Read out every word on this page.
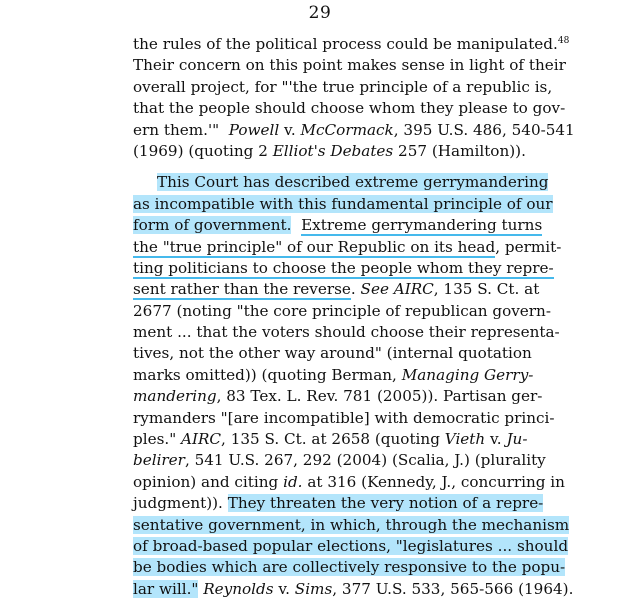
29
the rules of the political process could be manipulated.$^{48}$
Their concern on this point makes sense in light of their
overall project, for "'the true principle of a republic is,
that the people should choose whom they please to gov-
ern them.'" Powell v. McCormack, 395 U.S. 486, 540-541
(1969) (quoting 2 Elliot's Debates 257 (Hamilton)).
This Court has described extreme gerrymandering
as incompatible with this fundamental principle of our
form of government. Extreme gerrymandering turns
the "true principle" of our Republic on its head, permit-
ting politicians to choose the people whom they repre-
sent rather than the reverse. See AIRC, 135 S. Ct. at
2677 (noting "the core principle of republican govern-
ment ... that the voters should choose their representa-
tives, not the other way around" (internal quotation
marks omitted)) (quoting Berman, Managing Gerry-
mandering, 83 Tex. L. Rev. 781 (2005)). Partisan ger-
rymanders "[are incompatible] with democratic princi-
ples." AIRC, 135 S. Ct. at 2658 (quoting Vieth v. Ju-
belirer, 541 U.S. 267, 292 (2004) (Scalia, J.) (plurality
opinion) and citing id. at 316 (Kennedy, J., concurring in
judgment)). They threaten the very notion of a repre-
sentative government, in which, through the mechanism
of broad-based popular elections, "legislatures ... should
be bodies which are collectively responsive to the popu-
lar will." Reynolds v. Sims, 377 U.S. 533, 565-566 (1964).
